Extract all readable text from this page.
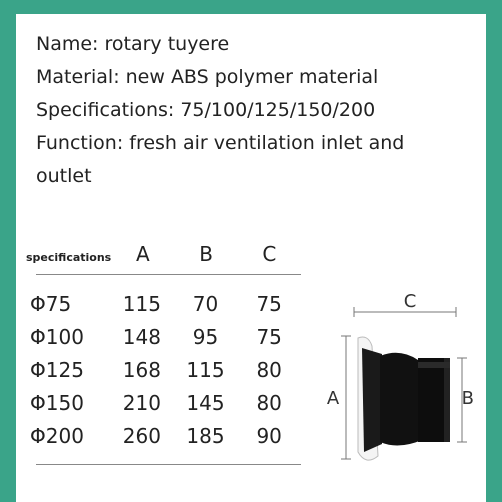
Name: rotary tuyere
Material: new ABS polymer material
Specifications: 75/100/125/150/200
Function: fresh air ventilation inlet and
outlet
specifications	A	B	C
Φ75	115	70	75
Φ100	148	95	75
Φ125	168	115	80
Φ150	210	145	80
Φ200	260	185	90
C
A	B
